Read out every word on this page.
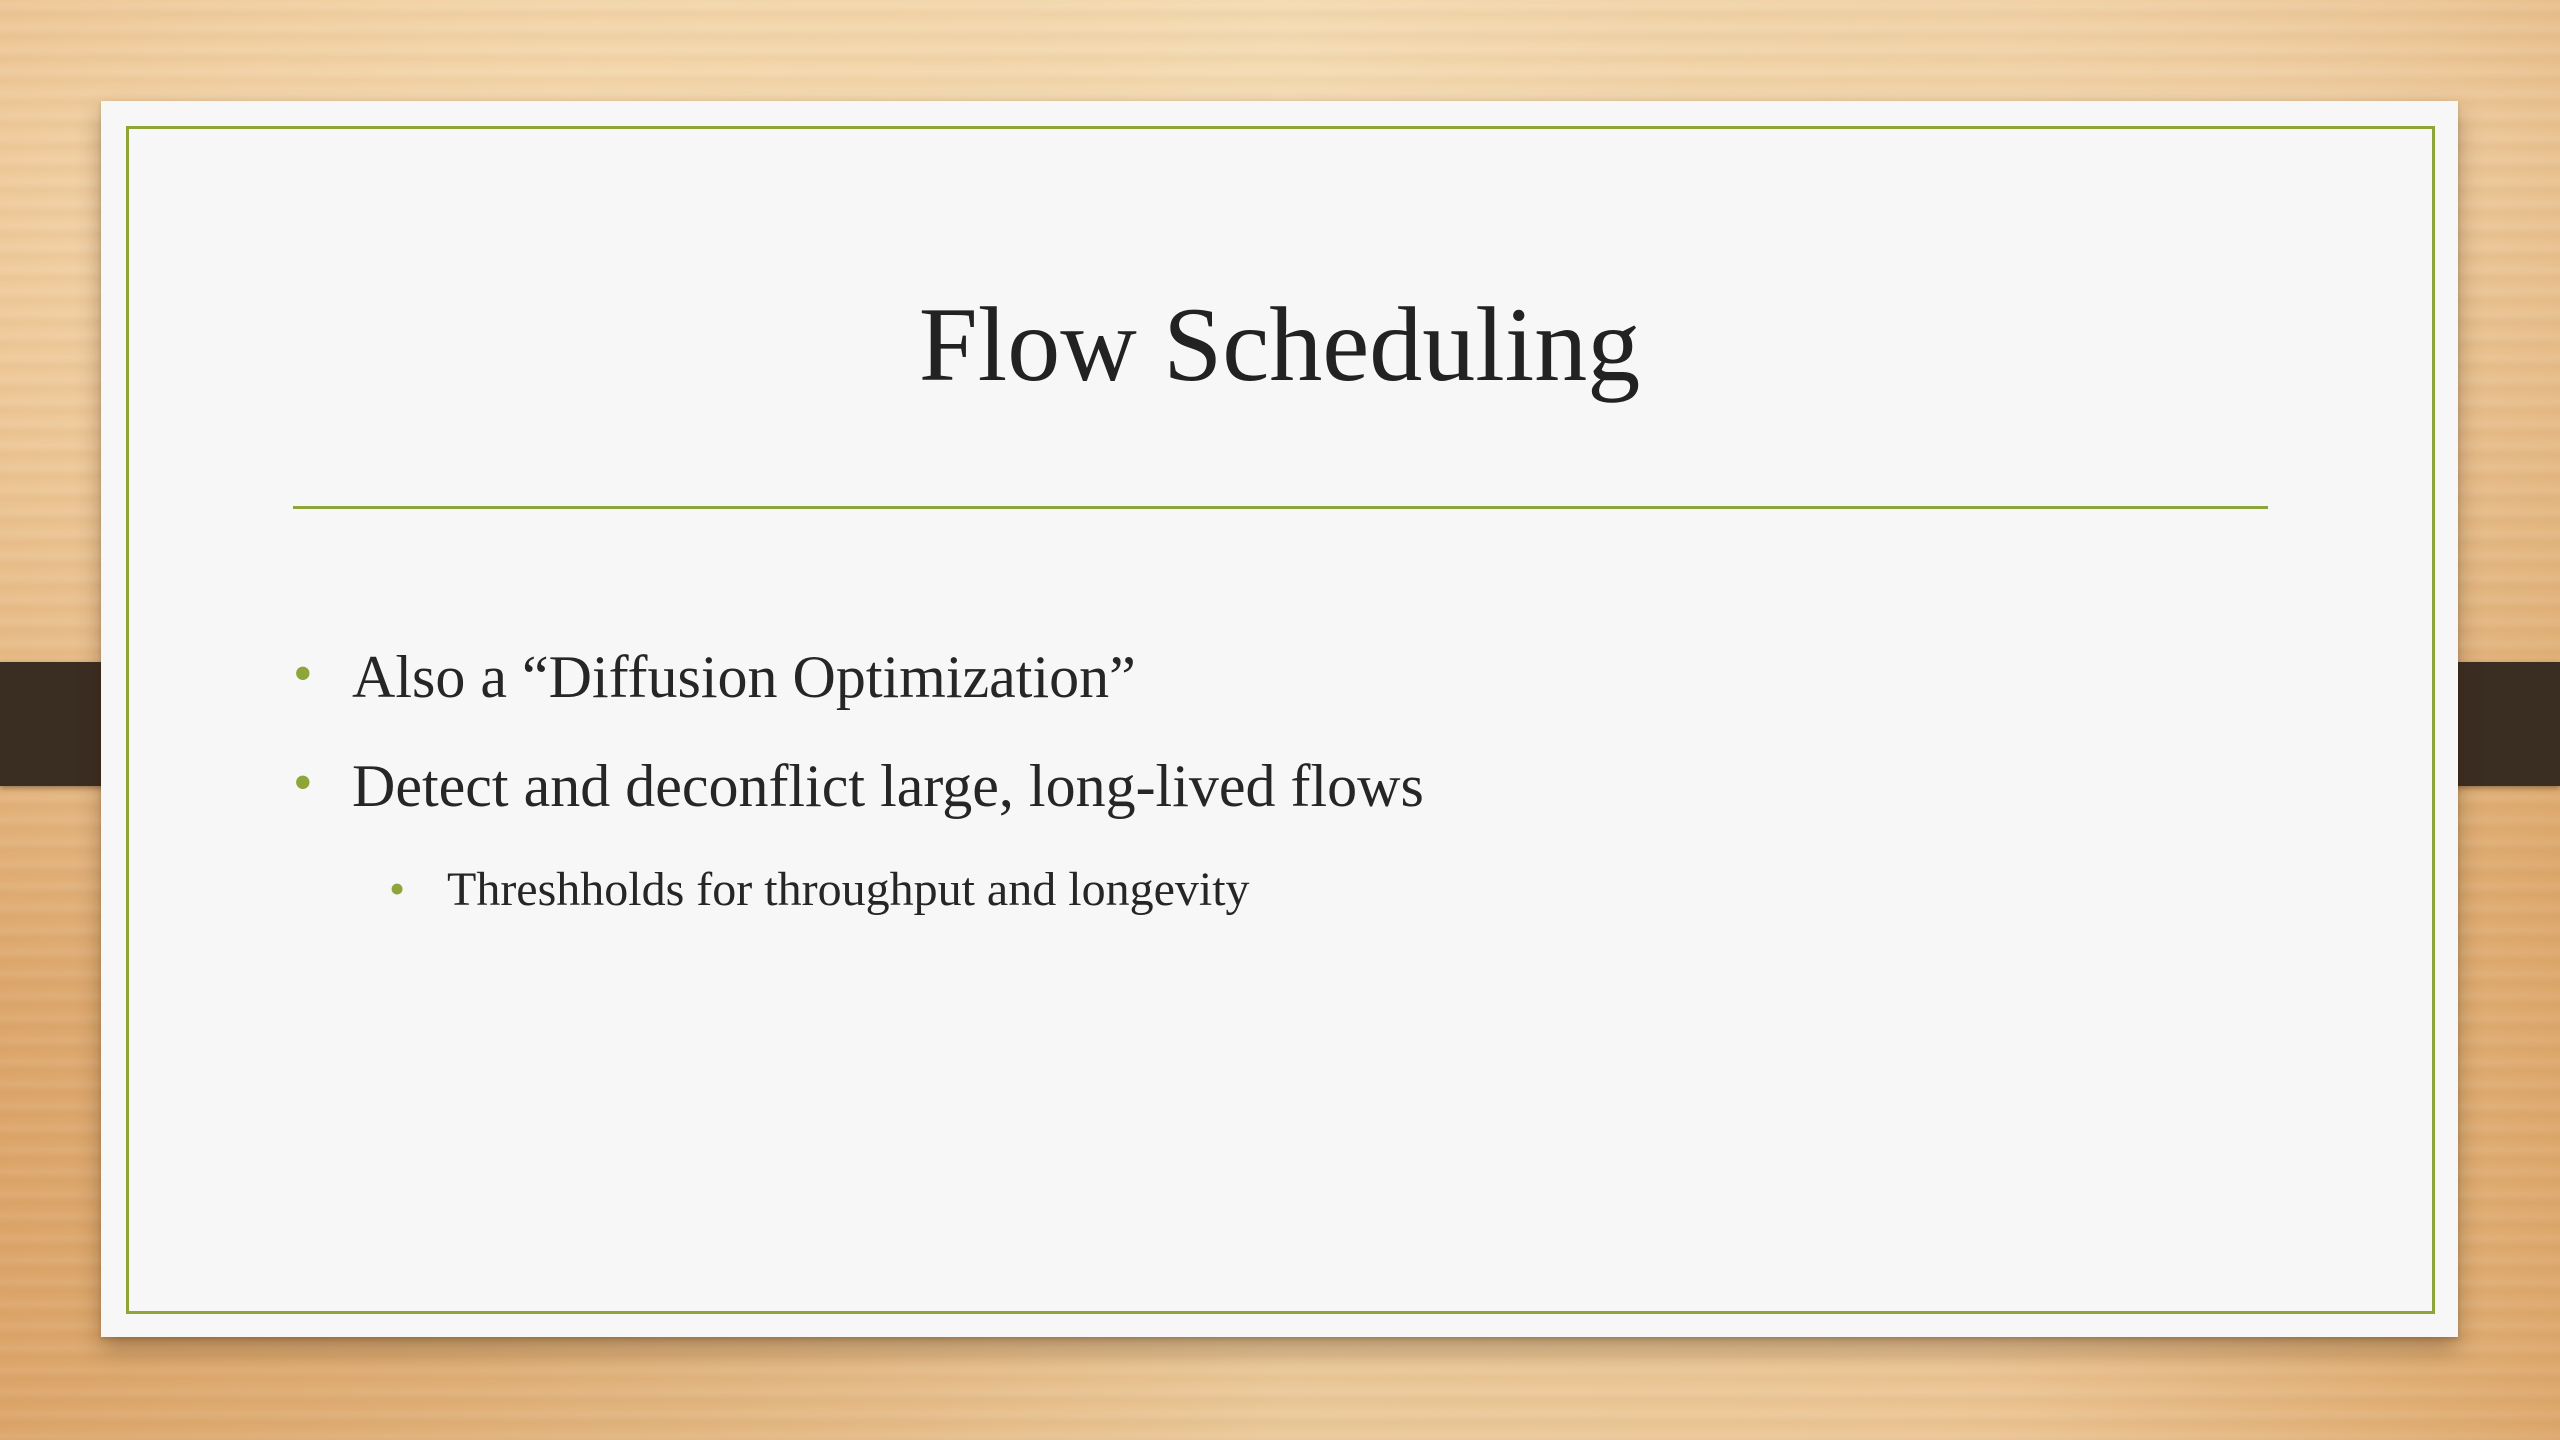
Flow Scheduling
• Also a “Diffusion Optimization”
• Detect and deconflict large, long-lived flows
• Threshholds for throughput and longevity
